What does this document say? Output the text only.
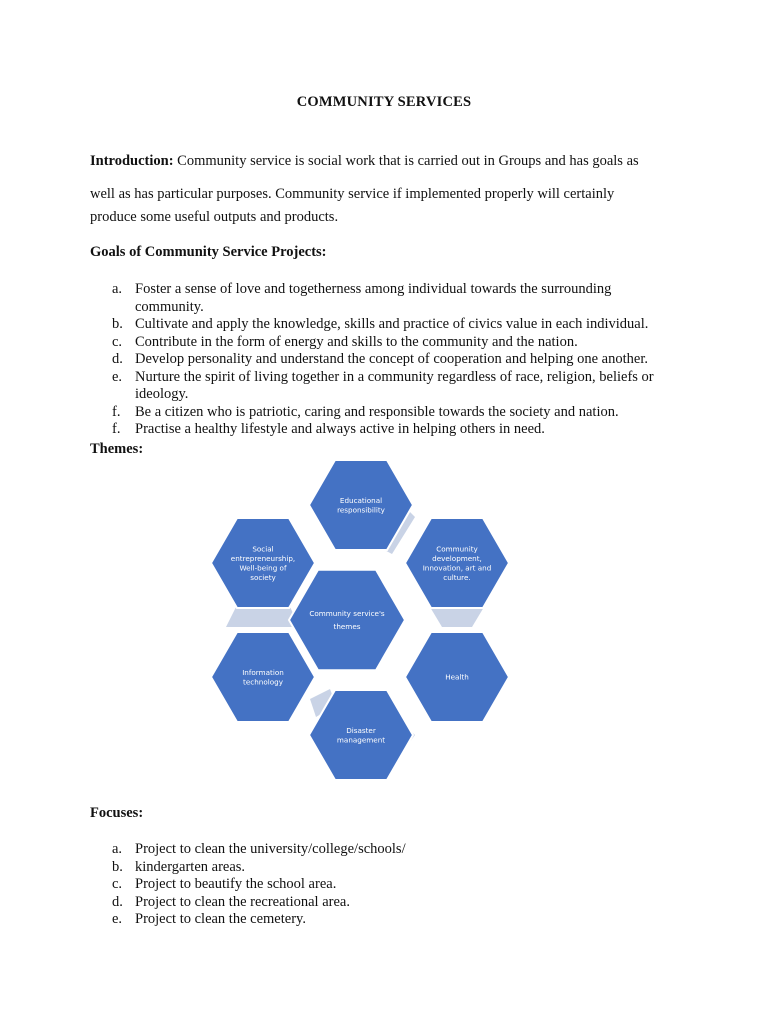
COMMUNITY SERVICES
Introduction: Community service is social work that is carried out in Groups and has goals as
well as has particular purposes. Community service if implemented properly will certainly
produce some useful outputs and products.
Goals of Community Service Projects:
a. Foster a sense of love and togetherness among individual towards the surrounding
community.
b. Cultivate and apply the knowledge, skills and practice of civics value in each individual.
c. Contribute in the form of energy and skills to the community and the nation.
d. Develop personality and understand the concept of cooperation and helping one another.
e. Nurture the spirit of living together in a community regardless of race, religion, beliefs or
ideology.
f. Be a citizen who is patriotic, caring and responsible towards the society and nation.
f. Practise a healthy lifestyle and always active in helping others in need.
Themes:
Educational
responsibility
Community
development,
Innovation, art and
culture.
Health
Disaster
management
Information
technology
Social
entrepreneurship,
Well-being of
society
Community service's
themes
Focuses:
a. Project to clean the university/college/schools/
b. kindergarten areas.
c. Project to beautify the school area.
d. Project to clean the recreational area.
e. Project to clean the cemetery.
